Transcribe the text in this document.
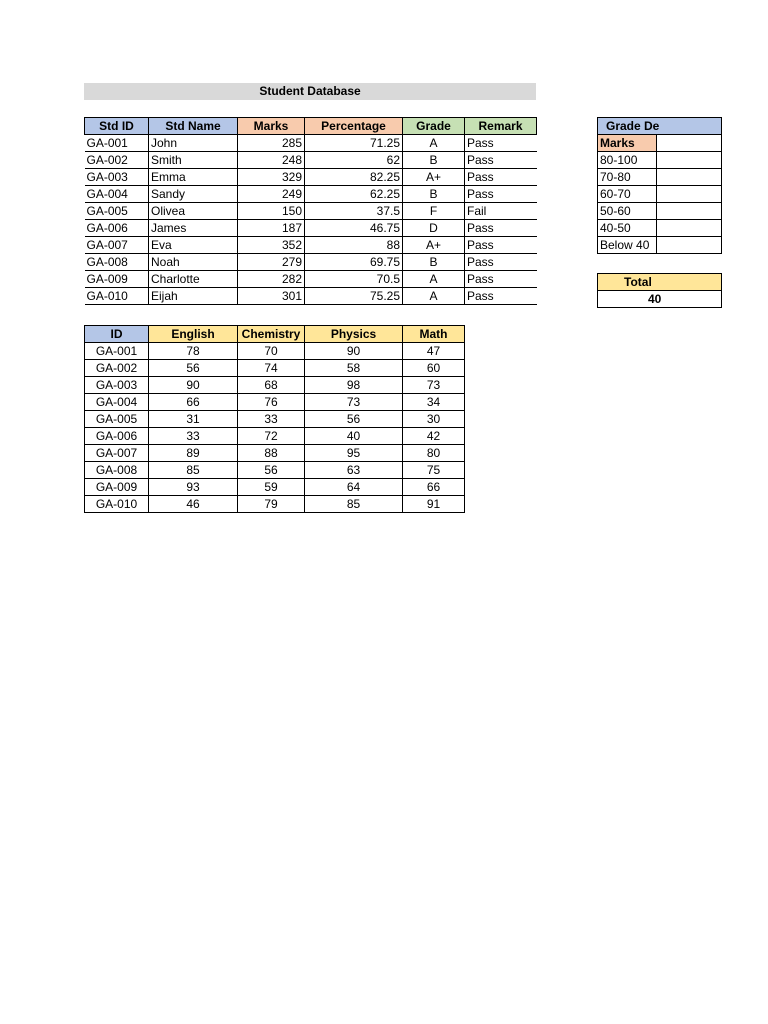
Student Database
Std ID	Std Name	Marks	Percentage	Grade	Remark
GA-001	John	285	71.25	A	Pass
GA-002	Smith	248	62	B	Pass
GA-003	Emma	329	82.25	A+	Pass
GA-004	Sandy	249	62.25	B	Pass
GA-005	Olivea	150	37.5	F	Fail
GA-006	James	187	46.75	D	Pass
GA-007	Eva	352	88	A+	Pass
GA-008	Noah	279	69.75	B	Pass
GA-009	Charlotte	282	70.5	A	Pass
GA-010	Eijah	301	75.25	A	Pass
ID	English	Chemistry	Physics	Math
GA-001	78	70	90	47
GA-002	56	74	58	60
GA-003	90	68	98	73
GA-004	66	76	73	34
GA-005	31	33	56	30
GA-006	33	72	40	42
GA-007	89	88	95	80
GA-008	85	56	63	75
GA-009	93	59	64	66
GA-010	46	79	85	91
Grade De	
Marks	
80-100	
70-80	
60-70	
50-60	
40-50	
Below 40	
Total
40
